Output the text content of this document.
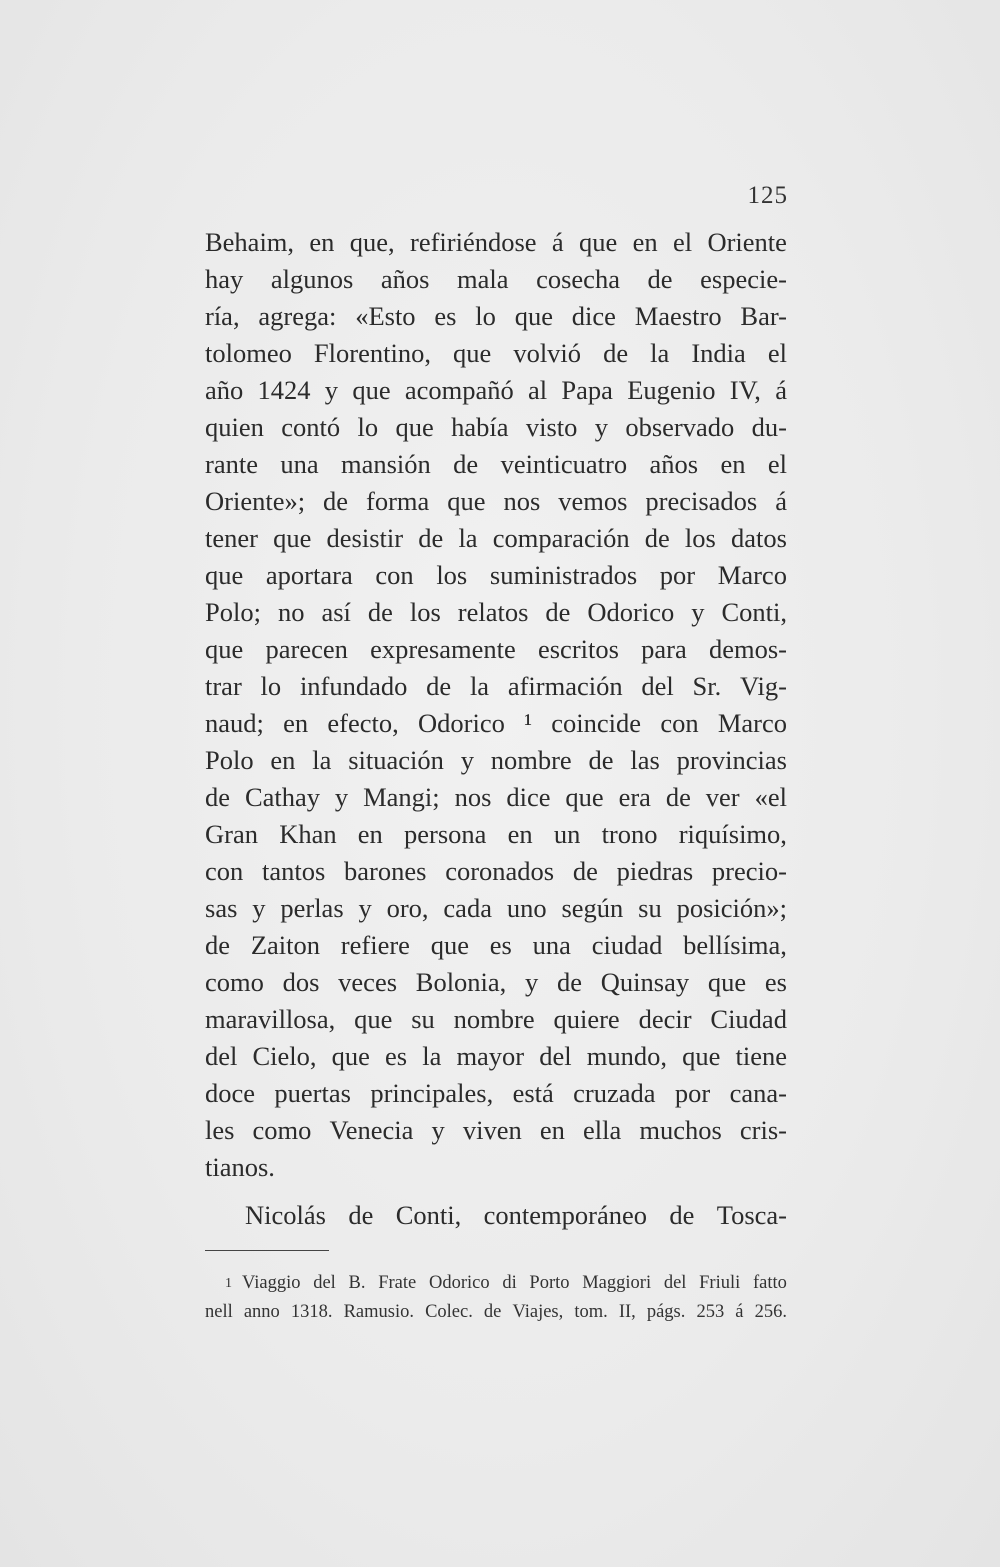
125
Behaim, en que, refiriéndose á que en el Oriente
hay algunos años mala cosecha de especie-
ría, agrega: «Esto es lo que dice Maestro Bar-
tolomeo Florentino, que volvió de la India el
año 1424 y que acompañó al Papa Eugenio IV, á
quien contó lo que había visto y observado du-
rante una mansión de veinticuatro años en el
Oriente»; de forma que nos vemos precisados á
tener que desistir de la comparación de los datos
que aportara con los suministrados por Marco
Polo; no así de los relatos de Odorico y Conti,
que parecen expresamente escritos para demos-
trar lo infundado de la afirmación del Sr. Vig-
naud; en efecto, Odorico ¹ coincide con Marco
Polo en la situación y nombre de las provincias
de Cathay y Mangi; nos dice que era de ver «el
Gran Khan en persona en un trono riquísimo,
con tantos barones coronados de piedras precio-
sas y perlas y oro, cada uno según su posición»;
de Zaiton refiere que es una ciudad bellísima,
como dos veces Bolonia, y de Quinsay que es
maravillosa, que su nombre quiere decir Ciudad
del Cielo, que es la mayor del mundo, que tiene
doce puertas principales, está cruzada por cana-
les como Venecia y viven en ella muchos cris-
tianos.
Nicolás de Conti, contemporáneo de Tosca-
1 Viaggio del B. Frate Odorico di Porto Maggiori del Friuli fatto
nell anno 1318. Ramusio. Colec. de Viajes, tom. II, págs. 253 á 256.
